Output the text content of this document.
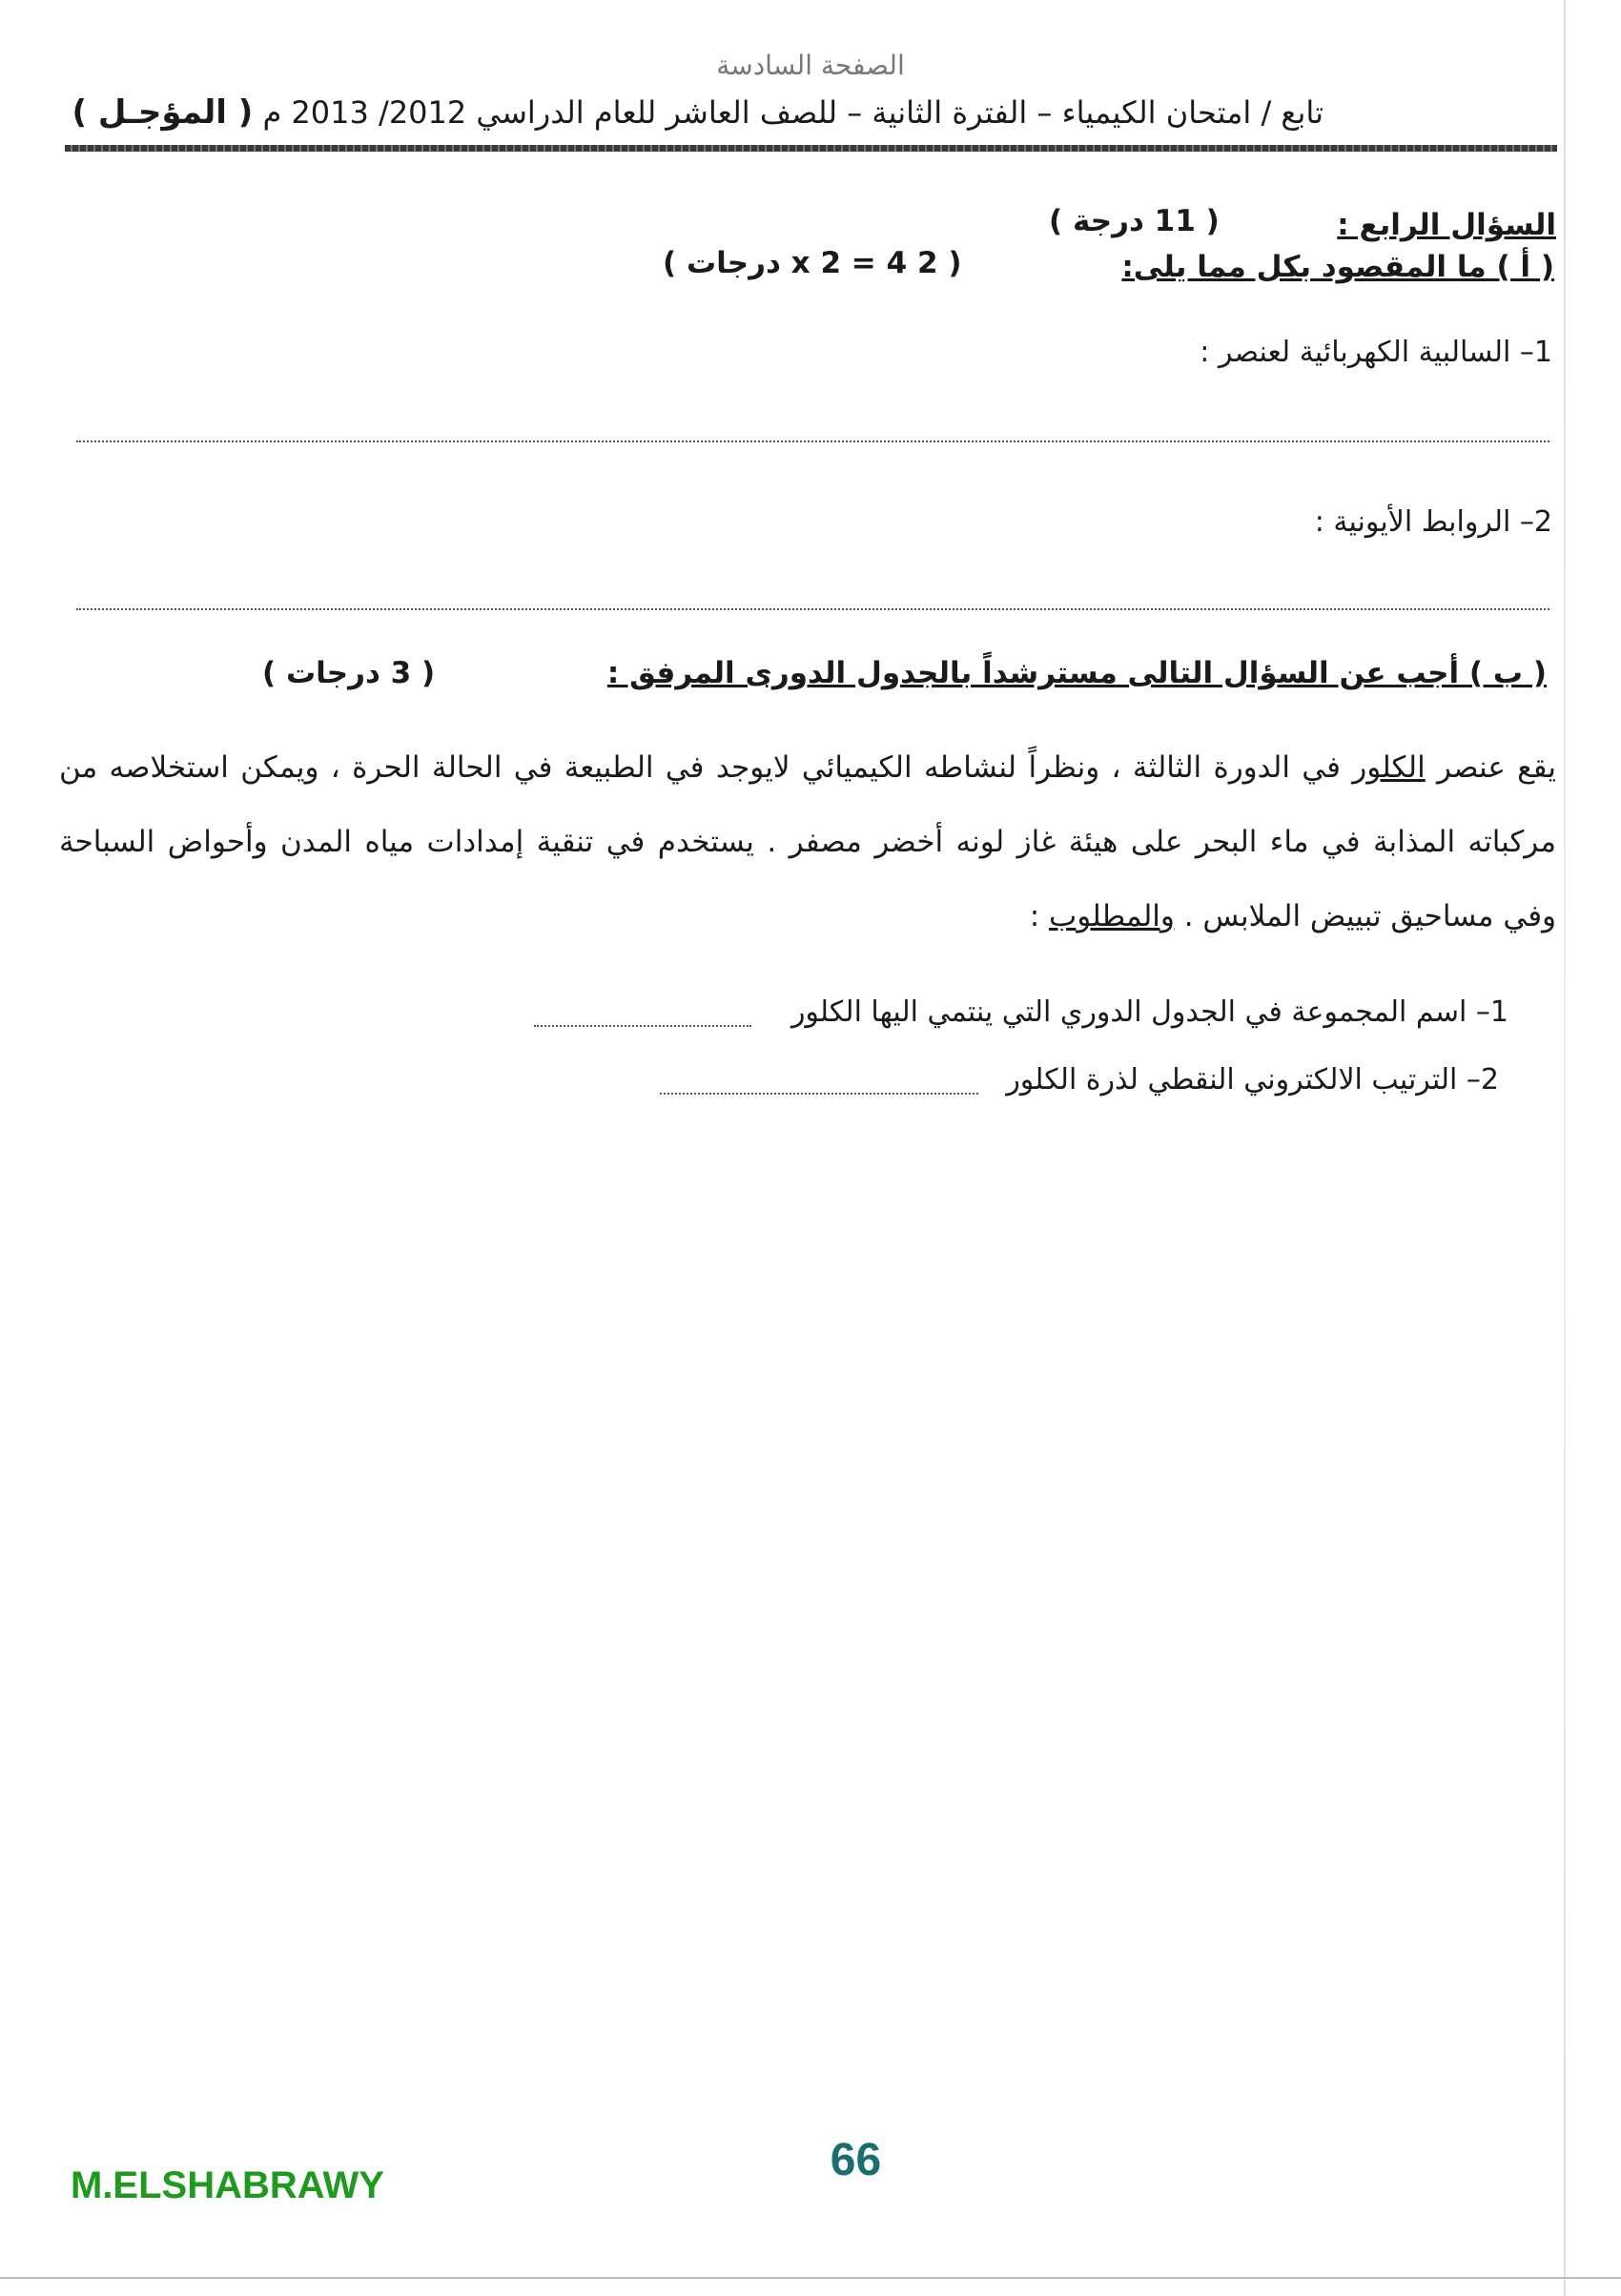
الصفحة السادسة
تابع / امتحان الكيمياء – الفترة الثانية – للصف العاشر للعام الدراسي 2012/ 2013 م ( المؤجـل )
السؤال الرابع :
( 11 درجة )
( أ ) ما المقصود بكل مما يلى:
( 2 x 2 = 4 درجات )
1– السالبية الكهربائية لعنصر :
2– الروابط الأيونية :
( ب ) أجب عن السؤال التالى مسترشداً بالجدول الدورى المرفق :
( 3 درجات )
يقع عنصر الكلور في الدورة الثالثة ، ونظراً لنشاطه الكيميائي لايوجد في الطبيعة في الحالة الحرة ، ويمكن استخلاصه من
مركباته المذابة في ماء البحر على هيئة غاز لونه أخضر مصفر . يستخدم في تنقية إمدادات مياه المدن وأحواض السباحة
وفي مساحيق تبييض الملابس . والمطلوب :
1– اسم المجموعة في الجدول الدوري التي ينتمي اليها الكلور
2– الترتيب الالكتروني النقطي لذرة الكلور
M.ELSHABRAWY	66
